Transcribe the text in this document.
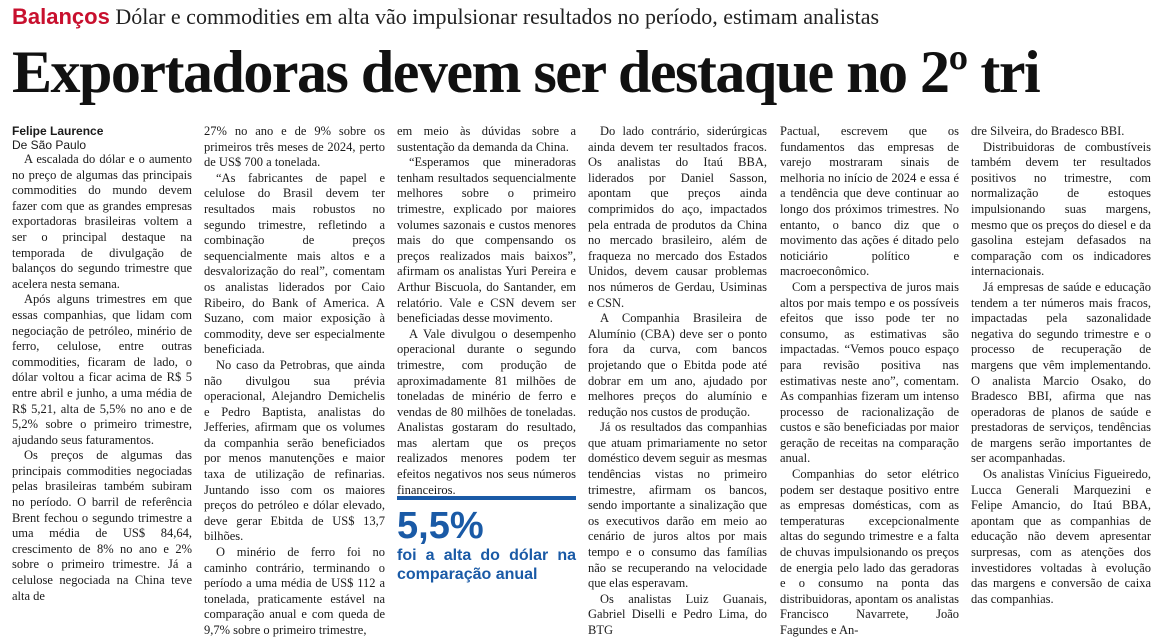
Balanços Dólar e commodities em alta vão impulsionar resultados no período, estimam analistas
Exportadoras devem ser destaque no 2º tri

Felipe Laurence

De São Paulo

A escalada do dólar e o aumento no preço de algumas das principais commodities do mundo devem fazer com que as grandes empresas exportadoras brasileiras voltem a ser o principal destaque na temporada de divulgação de balanços do segundo trimestre que acelera nesta semana.

Após alguns trimestres em que essas companhias, que lidam com negociação de petróleo, minério de ferro, celulose, entre outras commodities, ficaram de lado, o dólar voltou a ficar acima de R$ 5 entre abril e junho, a uma média de R$ 5,21, alta de 5,5% no ano e de 5,2% sobre o primeiro trimestre, ajudando seus faturamentos.

Os preços de algumas das principais commodities negociadas pelas brasileiras também subiram no período. O barril de referência Brent fechou o segundo trimestre a uma média de US$ 84,64, crescimento de 8% no ano e 2% sobre o primeiro trimestre. Já a celulose negociada na China teve alta de

27% no ano e de 9% sobre os primeiros três meses de 2024, perto de US$ 700 a tonelada.

“As fabricantes de papel e celulose do Brasil devem ter resultados mais robustos no segundo trimestre, refletindo a combinação de preços sequencialmente mais altos e a desvalorização do real”, comentam os analistas liderados por Caio Ribeiro, do Bank of America. A Suzano, com maior exposição à commodity, deve ser especialmente beneficiada.

No caso da Petrobras, que ainda não divulgou sua prévia operacional, Alejandro Demichelis e Pedro Baptista, analistas do Jefferies, afirmam que os volumes da companhia serão beneficiados por menos manutenções e maior taxa de utilização de refinarias. Juntando isso com os maiores preços do petróleo e dólar elevado, deve gerar Ebitda de US$ 13,7 bilhões.

O minério de ferro foi no caminho contrário, terminando o período a uma média de US$ 112 a tonelada, praticamente estável na comparação anual e com queda de 9,7% sobre o primeiro trimestre,

em meio às dúvidas sobre a sustentação da demanda da China.

“Esperamos que mineradoras tenham resultados sequencialmente melhores sobre o primeiro trimestre, explicado por maiores volumes sazonais e custos menores mais do que compensando os preços realizados mais baixos”, afirmam os analistas Yuri Pereira e Arthur Biscuola, do Santander, em relatório. Vale e CSN devem ser beneficiadas desse movimento.

A Vale divulgou o desempenho operacional durante o segundo trimestre, com produção de aproximadamente 81 milhões de toneladas de minério de ferro e vendas de 80 milhões de toneladas. Analistas gostaram do resultado, mas alertam que os preços realizados menores podem ter efeitos negativos nos seus números financeiros.

5,5%
foi a alta do dólar na comparação anual

Do lado contrário, siderúrgicas ainda devem ter resultados fracos. Os analistas do Itaú BBA, liderados por Daniel Sasson, apontam que preços ainda comprimidos do aço, impactados pela entrada de produtos da China no mercado brasileiro, além de fraqueza no mercado dos Estados Unidos, devem causar problemas nos números de Gerdau, Usiminas e CSN.

A Companhia Brasileira de Alumínio (CBA) deve ser o ponto fora da curva, com bancos projetando que o Ebitda pode até dobrar em um ano, ajudado por melhores preços do alumínio e redução nos custos de produção.

Já os resultados das companhias que atuam primariamente no setor doméstico devem seguir as mesmas tendências vistas no primeiro trimestre, afirmam os bancos, sendo importante a sinalização que os executivos darão em meio ao cenário de juros altos por mais tempo e o consumo das famílias não se recuperando na velocidade que elas esperavam.

Os analistas Luiz Guanais, Gabriel Diselli e Pedro Lima, do BTG

Pactual, escrevem que os fundamentos das empresas de varejo mostraram sinais de melhoria no início de 2024 e essa é a tendência que deve continuar ao longo dos próximos trimestres. No entanto, o banco diz que o movimento das ações é ditado pelo noticiário político e macroeconômico.

Com a perspectiva de juros mais altos por mais tempo e os possíveis efeitos que isso pode ter no consumo, as estimativas são impactadas. “Vemos pouco espaço para revisão positiva nas estimativas neste ano”, comentam. As companhias fizeram um intenso processo de racionalização de custos e são beneficiadas por maior geração de receitas na comparação anual.

Companhias do setor elétrico podem ser destaque positivo entre as empresas domésticas, com as temperaturas excepcionalmente altas do segundo trimestre e a falta de chuvas impulsionando os preços de energia pelo lado das geradoras e o consumo na ponta das distribuidoras, apontam os analistas Francisco Navarrete, João Fagundes e An-

dre Silveira, do Bradesco BBI.

Distribuidoras de combustíveis também devem ter resultados positivos no trimestre, com normalização de estoques impulsionando suas margens, mesmo que os preços do diesel e da gasolina estejam defasados na comparação com os indicadores internacionais.

Já empresas de saúde e educação tendem a ter números mais fracos, impactadas pela sazonalidade negativa do segundo trimestre e o processo de recuperação de margens que vêm implementando. O analista Marcio Osako, do Bradesco BBI, afirma que nas operadoras de planos de saúde e prestadoras de serviços, tendências de margens serão importantes de ser acompanhadas.

Os analistas Vinícius Figueiredo, Lucca Generali Marquezini e Felipe Amancio, do Itaú BBA, apontam que as companhias de educação não devem apresentar surpresas, com as atenções dos investidores voltadas à evolução das margens e conversão de caixa das companhias.
